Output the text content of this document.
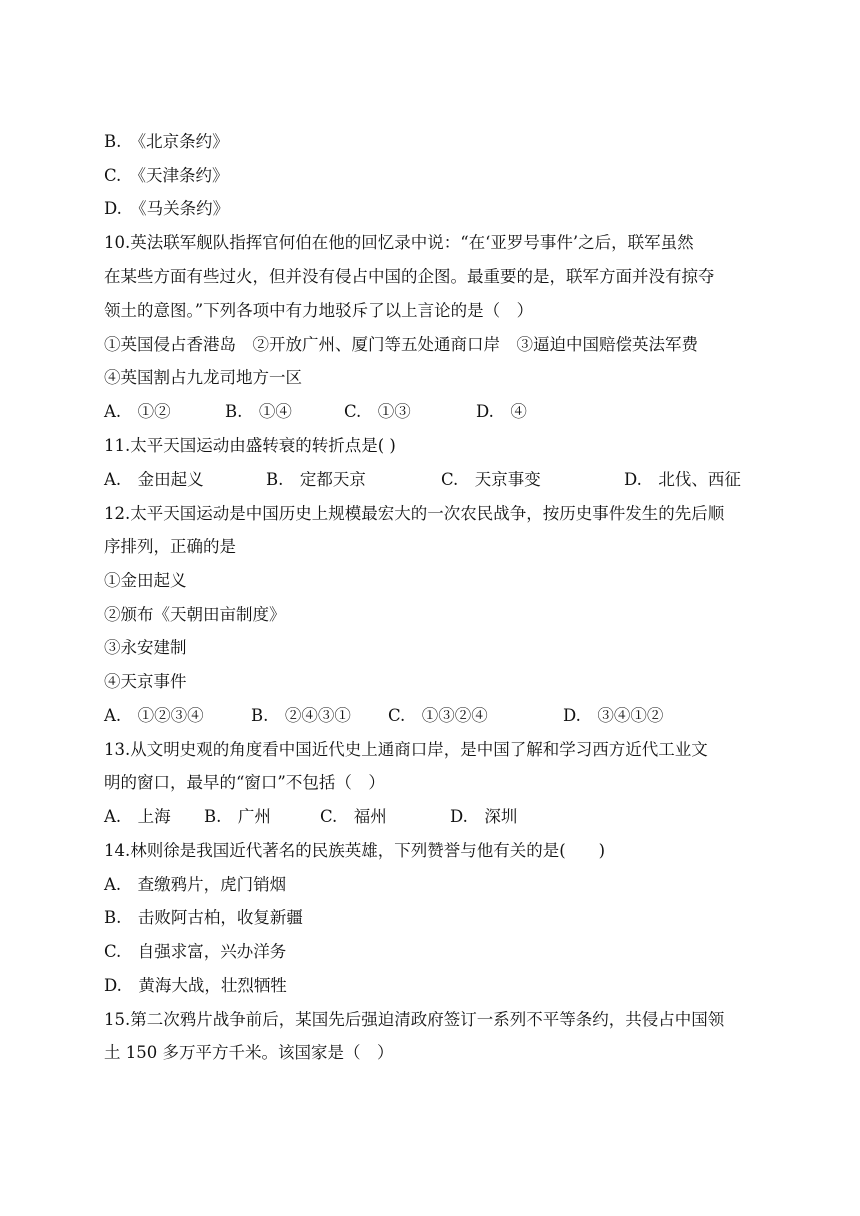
B.　《北京条约》
C.　《天津条约》
D.　《马关条约》
10.英法联军舰队指挥官何伯在他的回忆录中说：“在‘亚罗号事件’之后，联军虽然
在某些方面有些过火，但并没有侵占中国的企图。最重要的是，联军方面并没有掠夺
领土的意图。”下列各项中有力地驳斥了以上言论的是（　）
①英国侵占香港岛　②开放广州、厦门等五处通商口岸　③逼迫中国赔偿英法军费
④英国割占九龙司地方一区
A.　①②	B.　①④	C.　①③	D.　④
11.太平天国运动由盛转衰的转折点是( )
A.　金田起义	B.　定都天京	C.　天京事变	D.　北伐、西征
12.太平天国运动是中国历史上规模最宏大的一次农民战争，按历史事件发生的先后顺
序排列，正确的是
①金田起义
②颁布《天朝田亩制度》
③永安建制
④天京事件
A.　①②③④	B.　②④③① C.　①③②④	D.　③④①②
13.从文明史观的角度看中国近代史上通商口岸，是中国了解和学习西方近代工业文
明的窗口，最早的“窗口”不包括（　）
A.　上海 B.　广州	C.　福州	D.　深圳
14.林则徐是我国近代著名的民族英雄，下列赞誉与他有关的是(　　)
A.　查缴鸦片，虎门销烟
B.　击败阿古柏，收复新疆
C.　自强求富，兴办洋务
D.　黄海大战，壮烈牺牲
15.第二次鸦片战争前后，某国先后强迫清政府签订一系列不平等条约，共侵占中国领
土 150 多万平方千米。该国家是（　）
